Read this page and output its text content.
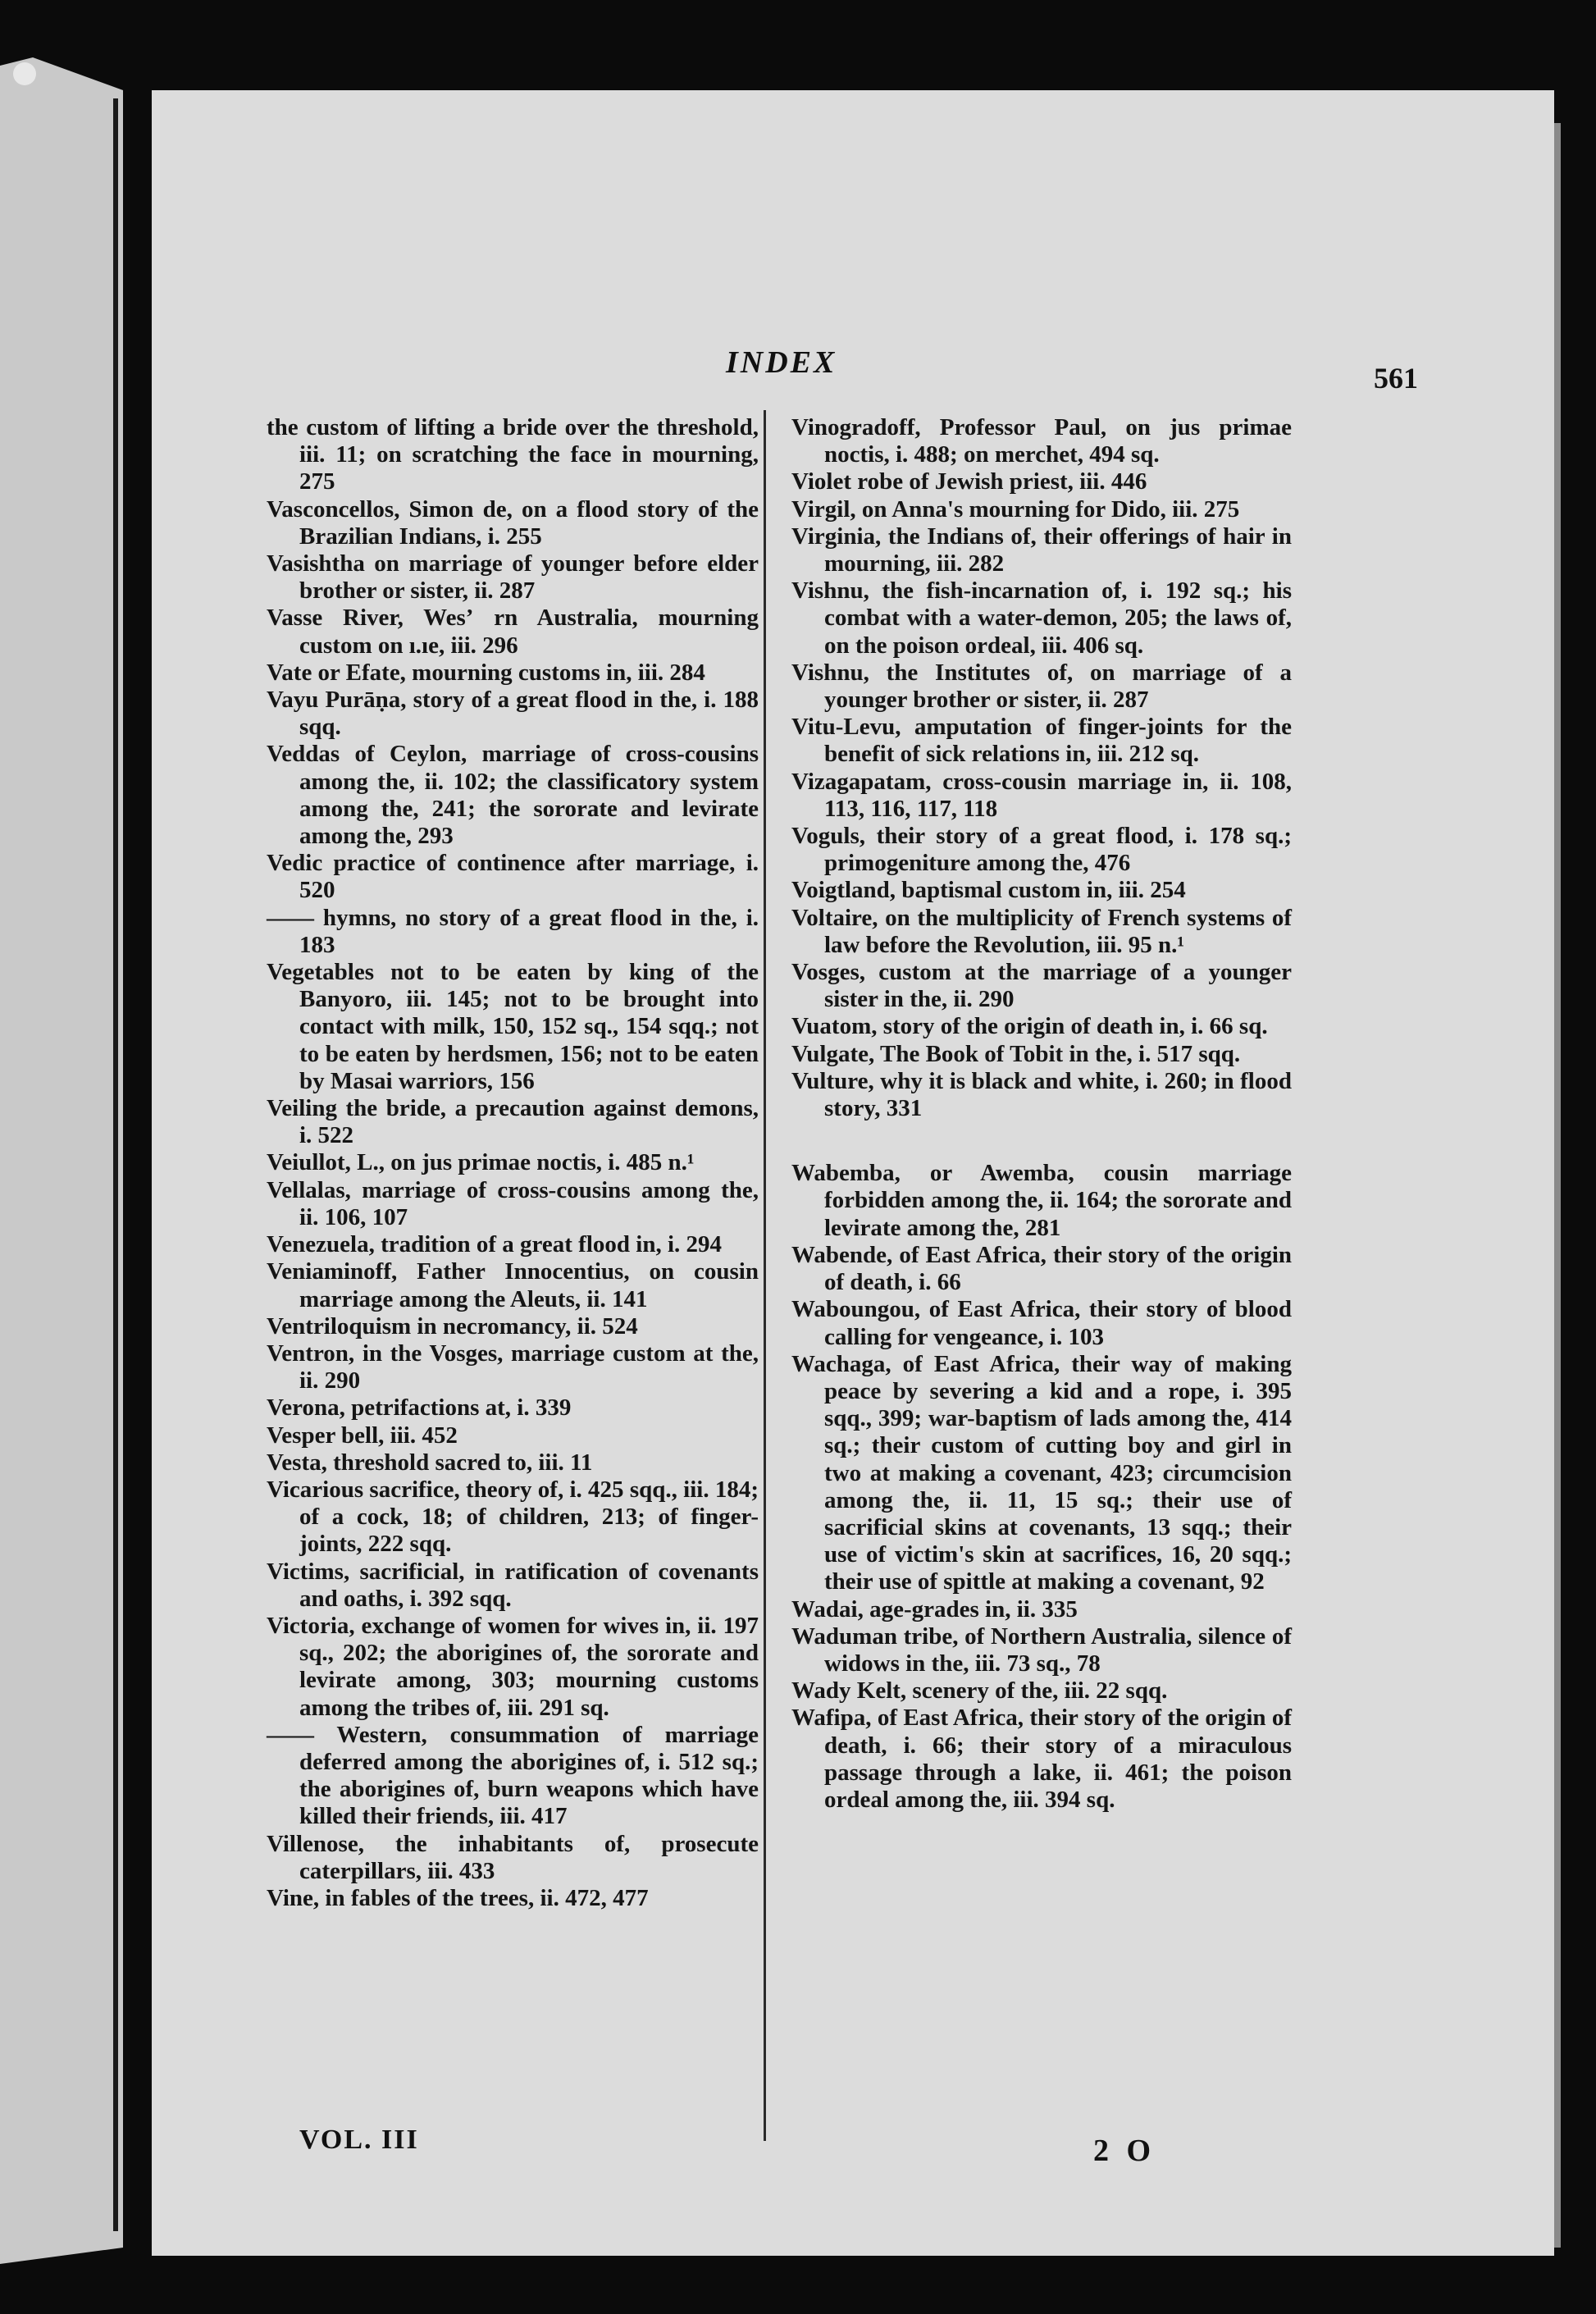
INDEX	561

the custom of lifting a bride over the threshold, iii. 11; on scratching the face in mourning, 275

Vasconcellos, Simon de, on a flood story of the Brazilian Indians, i. 255

Vasishtha on marriage of younger before elder brother or sister, ii. 287

Vasse River, Wesʼ rn Australia, mourning custom on ı.ıe, iii. 296

Vate or Efate, mourning customs in, iii. 284

Vayu Purāṇa, story of a great flood in the, i. 188 sqq.

Veddas of Ceylon, marriage of cross-cousins among the, ii. 102; the classificatory system among the, 241; the sororate and levirate among the, 293

Vedic practice of continence after marriage, i. 520

—— hymns, no story of a great flood in the, i. 183

Vegetables not to be eaten by king of the Banyoro, iii. 145; not to be brought into contact with milk, 150, 152 sq., 154 sqq.; not to be eaten by herdsmen, 156; not to be eaten by Masai warriors, 156

Veiling the bride, a precaution against demons, i. 522

Veiullot, L., on jus primae noctis, i. 485 n.¹

Vellalas, marriage of cross-cousins among the, ii. 106, 107

Venezuela, tradition of a great flood in, i. 294

Veniaminoff, Father Innocentius, on cousin marriage among the Aleuts, ii. 141

Ventriloquism in necromancy, ii. 524

Ventron, in the Vosges, marriage custom at the, ii. 290

Verona, petrifactions at, i. 339

Vesper bell, iii. 452

Vesta, threshold sacred to, iii. 11

Vicarious sacrifice, theory of, i. 425 sqq., iii. 184; of a cock, 18; of children, 213; of finger-joints, 222 sqq.

Victims, sacrificial, in ratification of covenants and oaths, i. 392 sqq.

Victoria, exchange of women for wives in, ii. 197 sq., 202; the aborigines of, the sororate and levirate among, 303; mourning customs among the tribes of, iii. 291 sq.

—— Western, consummation of marriage deferred among the aborigines of, i. 512 sq.; the aborigines of, burn weapons which have killed their friends, iii. 417

Villenose, the inhabitants of, prosecute caterpillars, iii. 433

Vine, in fables of the trees, ii. 472, 477

Vinogradoff, Professor Paul, on jus primae noctis, i. 488; on merchet, 494 sq.

Violet robe of Jewish priest, iii. 446

Virgil, on Anna's mourning for Dido, iii. 275

Virginia, the Indians of, their offerings of hair in mourning, iii. 282

Vishnu, the fish-incarnation of, i. 192 sq.; his combat with a water-demon, 205; the laws of, on the poison ordeal, iii. 406 sq.

Vishnu, the Institutes of, on marriage of a younger brother or sister, ii. 287

Vitu-Levu, amputation of finger-joints for the benefit of sick relations in, iii. 212 sq.

Vizagapatam, cross-cousin marriage in, ii. 108, 113, 116, 117, 118

Voguls, their story of a great flood, i. 178 sq.; primogeniture among the, 476

Voigtland, baptismal custom in, iii. 254

Voltaire, on the multiplicity of French systems of law before the Revolution, iii. 95 n.¹

Vosges, custom at the marriage of a younger sister in the, ii. 290

Vuatom, story of the origin of death in, i. 66 sq.

Vulgate, The Book of Tobit in the, i. 517 sqq.

Vulture, why it is black and white, i. 260; in flood story, 331

Wabemba, or Awemba, cousin marriage forbidden among the, ii. 164; the sororate and levirate among the, 281

Wabende, of East Africa, their story of the origin of death, i. 66

Waboungou, of East Africa, their story of blood calling for vengeance, i. 103

Wachaga, of East Africa, their way of making peace by severing a kid and a rope, i. 395 sqq., 399; war-baptism of lads among the, 414 sq.; their custom of cutting boy and girl in two at making a covenant, 423; circumcision among the, ii. 11, 15 sq.; their use of sacrificial skins at covenants, 13 sqq.; their use of victim's skin at sacrifices, 16, 20 sqq.; their use of spittle at making a covenant, 92

Wadai, age-grades in, ii. 335

Waduman tribe, of Northern Australia, silence of widows in the, iii. 73 sq., 78

Wady Kelt, scenery of the, iii. 22 sqq.

Wafipa, of East Africa, their story of the origin of death, i. 66; their story of a miraculous passage through a lake, ii. 461; the poison ordeal among the, iii. 394 sq.

VOL. III	2 O
